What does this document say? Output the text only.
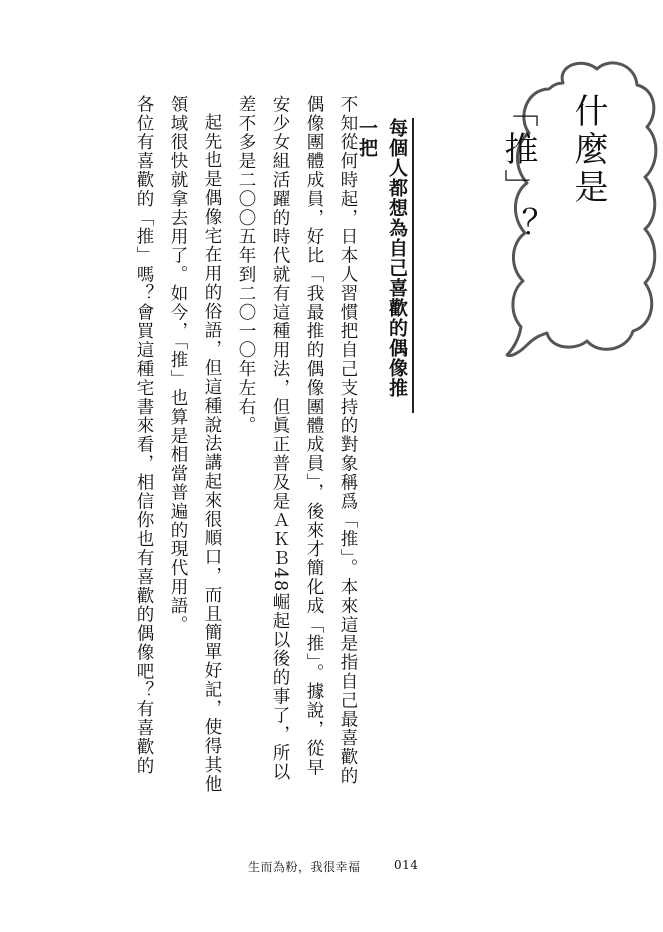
什麼是「推」？
每個人都想為自己喜歡的偶像推一把

不知從何時起，日本人習慣把自己支持的對象稱爲「推」。本來這是指自己最喜歡的偶像團體成員，好比「我最推的偶像團體成員」，後來才簡化成「推」。據說，從早安少女組活躍的時代就有這種用法，但眞正普及是ＡＫＢ48崛起以後的事了，所以差不多是二〇〇五年到二〇一〇年左右。

起先也是偶像宅在用的俗語，但這種說法講起來很順口，而且簡單好記，使得其他領域很快就拿去用了。如今，「推」也算是相當普遍的現代用語。

各位有喜歡的「推」嗎？會買這種宅書來看，相信你也有喜歡的偶像吧？有喜歡的

生而為粉，我很幸福	014
